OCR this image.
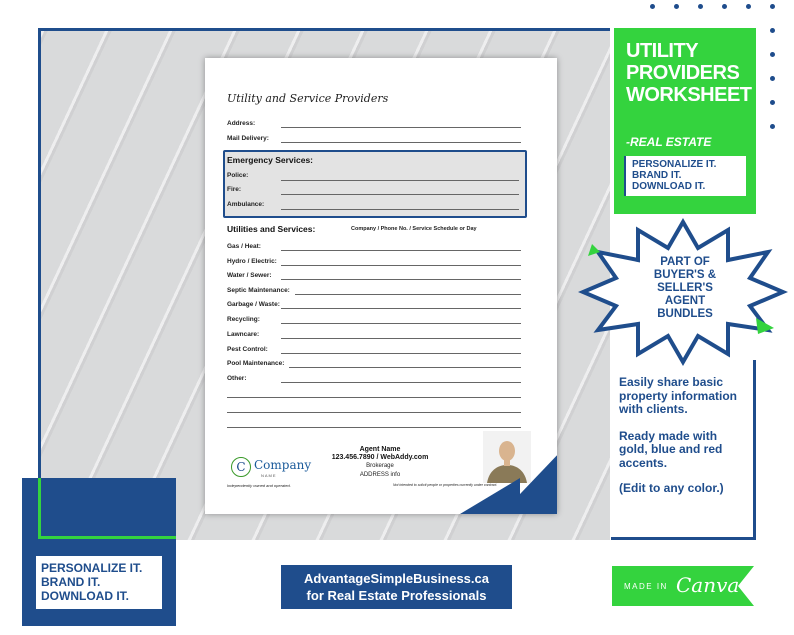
Utility and Service Providers
Address:
Mail Delivery:
Emergency Services:
Police:
Fire:
Ambulance:
Utilities and Services:	Company / Phone No. / Service Schedule or Day
Gas / Heat:
Hydro / Electric:
Water / Sewer:
Septic Maintenance:
Garbage / Waste:
Recycling:
Lawncare:
Pest Control:
Pool Maintenance:
Other:
Agent Name
123.456.7890 / WebAddy.com
Brokerage
ADDRESS info
C Company
NAME
Independently owned and operated.	Not intended to solicit people or properties currently under contract.
UTILITY
PROVIDERS
WORKSHEET
-REAL ESTATE
PERSONALIZE IT.
BRAND IT.
DOWNLOAD IT.
PART OF
BUYER'S &
SELLER'S
AGENT
BUNDLES
Easily share basic property information with clients.
Ready made with gold, blue and red accents.
(Edit to any color.)
PERSONALIZE IT.
BRAND IT.
DOWNLOAD IT.
AdvantageSimpleBusiness.ca
for Real Estate Professionals
MADE IN Canva
